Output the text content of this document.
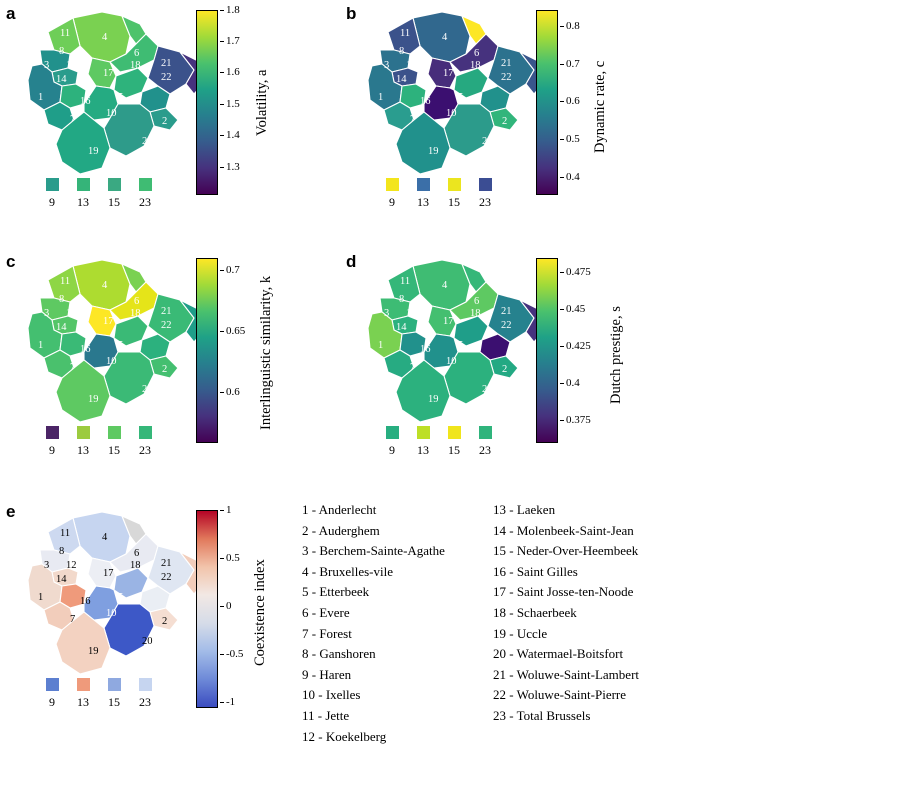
a
4
11
8
3 12
14
1
17
18
6
16
7
10
5
21
22
2
20
19
1.8
1.7
1.6
1.5
1.4
1.3
Volatility, a
9	13	15	23
b
4
11
8
3 12
14
1
17
18
6
16
7
10
5
21
22
2
20
19
0.8
0.7
0.6
0.5
0.4
Dynamic rate, c
9	13	15	23
c
4
11
8
3 12
14
1
17
18
6
16
7
10
5
21
22
2
20
19
0.7
0.65
0.6 Interlinguistic similarity, k
9	13	15	23
d
4
11
8
3 12
14
1
17
18
6
16
7
10
5
21
22
2
20
19
0.475
0.45
0.425
0.4
0.375
Dutch prestige, s
9	13	15	23
e
4
11
8
3 12
14
1
17
18
6
16
7
21
22
2
20
19
10
5
1
0.5
0
-0.5
-1
Coexistence index
9	13	15	23
1 - Anderlecht
2 - Auderghem
3 - Berchem-Sainte-Agathe
4 - Bruxelles-vile
5 - Etterbeek
6 - Evere
7 - Forest
8 - Ganshoren
9 - Haren
10 - Ixelles
11 - Jette
12 - Koekelberg
13 - Laeken
14 - Molenbeek-Saint-Jean
15 - Neder-Over-Heembeek
16 - Saint Gilles
17 - Saint Josse-ten-Noode
18 - Schaerbeek
19 - Uccle
20 - Watermael-Boitsfort
21 - Woluwe-Saint-Lambert
22 - Woluwe-Saint-Pierre
23 - Total Brussels
